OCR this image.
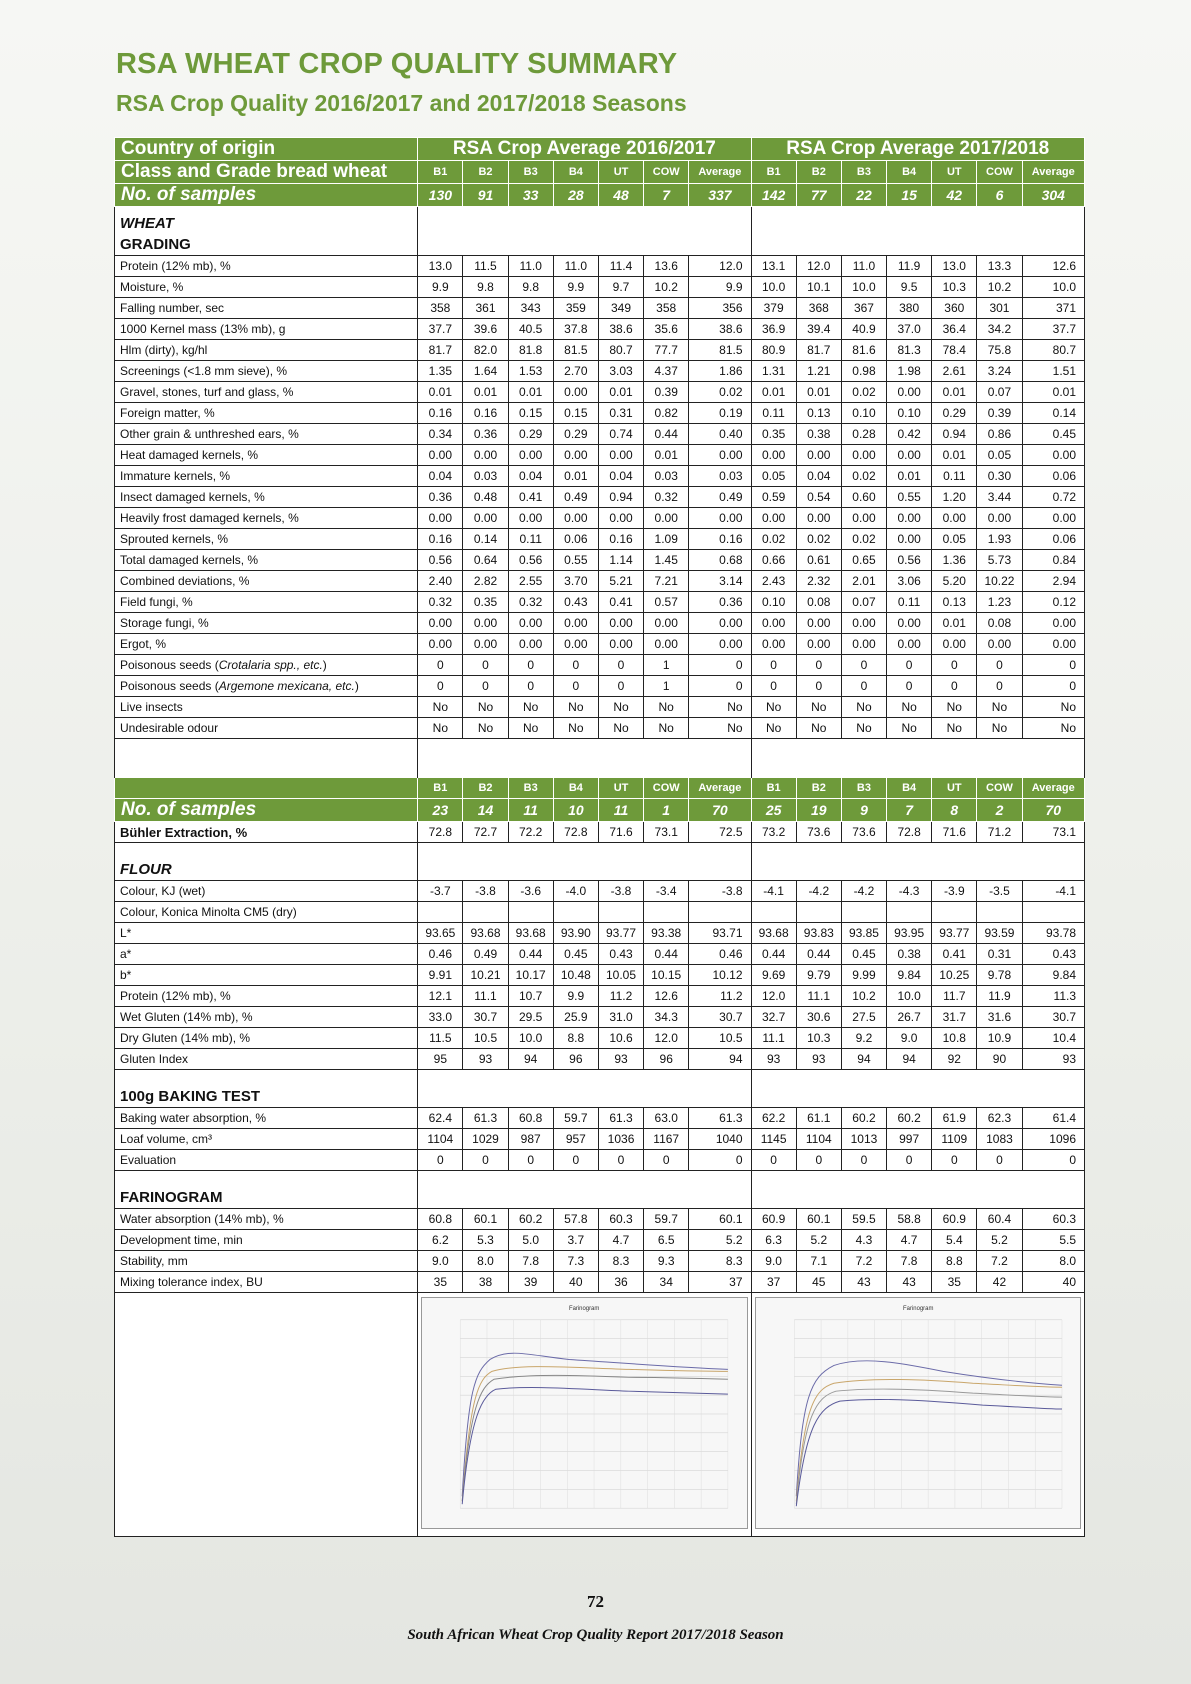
RSA WHEAT CROP QUALITY SUMMARY
RSA Crop Quality 2016/2017 and 2017/2018 Seasons
Country of origin	RSA Crop Average 2016/2017							RSA Crop Average 2017/2018						
Class and Grade bread wheat	B1	B2	B3	B4	UT	COW	Average	B1	B2	B3	B4	UT	COW	Average
No. of samples	130	91	33	28	48	7	337	142	77	22	15	42	6	304

WHEAT
GRADING														

Protein (12% mb), %	13.0	11.5	11.0	11.0	11.4	13.6	12.0	13.1	12.0	11.0	11.9	13.0	13.3	12.6
Moisture, %	9.9	9.8	9.8	9.9	9.7	10.2	9.9	10.0	10.1	10.0	9.5	10.3	10.2	10.0
Falling number, sec	358	361	343	359	349	358	356	379	368	367	380	360	301	371
1000 Kernel mass (13% mb), g	37.7	39.6	40.5	37.8	38.6	35.6	38.6	36.9	39.4	40.9	37.0	36.4	34.2	37.7
Hlm (dirty), kg/hl	81.7	82.0	81.8	81.5	80.7	77.7	81.5	80.9	81.7	81.6	81.3	78.4	75.8	80.7
Screenings (<1.8 mm sieve), %	1.35	1.64	1.53	2.70	3.03	4.37	1.86	1.31	1.21	0.98	1.98	2.61	3.24	1.51
Gravel, stones, turf and glass, %	0.01	0.01	0.01	0.00	0.01	0.39	0.02	0.01	0.01	0.02	0.00	0.01	0.07	0.01
Foreign matter, %	0.16	0.16	0.15	0.15	0.31	0.82	0.19	0.11	0.13	0.10	0.10	0.29	0.39	0.14
Other grain & unthreshed ears, %	0.34	0.36	0.29	0.29	0.74	0.44	0.40	0.35	0.38	0.28	0.42	0.94	0.86	0.45
Heat damaged kernels, %	0.00	0.00	0.00	0.00	0.00	0.01	0.00	0.00	0.00	0.00	0.00	0.01	0.05	0.00
Immature kernels, %	0.04	0.03	0.04	0.01	0.04	0.03	0.03	0.05	0.04	0.02	0.01	0.11	0.30	0.06
Insect damaged kernels, %	0.36	0.48	0.41	0.49	0.94	0.32	0.49	0.59	0.54	0.60	0.55	1.20	3.44	0.72
Heavily frost damaged kernels, %	0.00	0.00	0.00	0.00	0.00	0.00	0.00	0.00	0.00	0.00	0.00	0.00	0.00	0.00
Sprouted kernels, %	0.16	0.14	0.11	0.06	0.16	1.09	0.16	0.02	0.02	0.02	0.00	0.05	1.93	0.06
Total damaged kernels, %	0.56	0.64	0.56	0.55	1.14	1.45	0.68	0.66	0.61	0.65	0.56	1.36	5.73	0.84
Combined deviations, %	2.40	2.82	2.55	3.70	5.21	7.21	3.14	2.43	2.32	2.01	3.06	5.20	10.22	2.94
Field fungi, %	0.32	0.35	0.32	0.43	0.41	0.57	0.36	0.10	0.08	0.07	0.11	0.13	1.23	0.12
Storage fungi, %	0.00	0.00	0.00	0.00	0.00	0.00	0.00	0.00	0.00	0.00	0.00	0.01	0.08	0.00
Ergot, %	0.00	0.00	0.00	0.00	0.00	0.00	0.00	0.00	0.00	0.00	0.00	0.00	0.00	0.00
Poisonous seeds (Crotalaria spp., etc.)	0	0	0	0	0	1	0	0	0	0	0	0	0	0
Poisonous seeds (Argemone mexicana, etc.)	0	0	0	0	0	1	0	0	0	0	0	0	0	0
Live insects	No	No	No	No	No	No	No	No	No	No	No	No	No	No
Undesirable odour	No	No	No	No	No	No	No	No	No	No	No	No	No	No

	B1	B2	B3	B4	UT	COW	Average	B1	B2	B3	B4	UT	COW	Average
No. of samples	23	14	11	10	11	1	70	25	19	9	7	8	2	70
Bühler Extraction, %	72.8	72.7	72.2	72.8	71.6	73.1	72.5	73.2	73.6	73.6	72.8	71.6	71.2	73.1
FLOUR														
Colour, KJ (wet)	-3.7	-3.8	-3.6	-4.0	-3.8	-3.4	-3.8	-4.1	-4.2	-4.2	-4.3	-3.9	-3.5	-4.1
Colour, Konica Minolta CM5 (dry)														
L*	93.65	93.68	93.68	93.90	93.77	93.38	93.71	93.68	93.83	93.85	93.95	93.77	93.59	93.78
a*	0.46	0.49	0.44	0.45	0.43	0.44	0.46	0.44	0.44	0.45	0.38	0.41	0.31	0.43
b*	9.91	10.21	10.17	10.48	10.05	10.15	10.12	9.69	9.79	9.99	9.84	10.25	9.78	9.84
Protein (12% mb), %	12.1	11.1	10.7	9.9	11.2	12.6	11.2	12.0	11.1	10.2	10.0	11.7	11.9	11.3
Wet Gluten (14% mb), %	33.0	30.7	29.5	25.9	31.0	34.3	30.7	32.7	30.6	27.5	26.7	31.7	31.6	30.7
Dry Gluten (14% mb), %	11.5	10.5	10.0	8.8	10.6	12.0	10.5	11.1	10.3	9.2	9.0	10.8	10.9	10.4
Gluten Index	95	93	94	96	93	96	94	93	93	94	94	92	90	93
100g BAKING TEST														
Baking water absorption, %	62.4	61.3	60.8	59.7	61.3	63.0	61.3	62.2	61.1	60.2	60.2	61.9	62.3	61.4
Loaf volume, cm³	1104	1029	987	957	1036	1167	1040	1145	1104	1013	997	1109	1083	1096
Evaluation	0	0	0	0	0	0	0	0	0	0	0	0	0	0
FARINOGRAM														
Water absorption (14% mb), %	60.8	60.1	60.2	57.8	60.3	59.7	60.1	60.9	60.1	59.5	58.8	60.9	60.4	60.3
Development time, min	6.2	5.3	5.0	3.7	4.7	6.5	5.2	6.3	5.2	4.3	4.7	5.4	5.2	5.5
Stability, mm	9.0	8.0	7.8	7.3	8.3	9.3	8.3	9.0	7.1	7.2	7.8	8.8	7.2	8.0
Mixing tolerance index, BU	35	38	39	40	36	34	37	37	45	43	43	35	42	40

Farinogram							Farinogram						
72
South African Wheat Crop Quality Report 2017/2018 Season
